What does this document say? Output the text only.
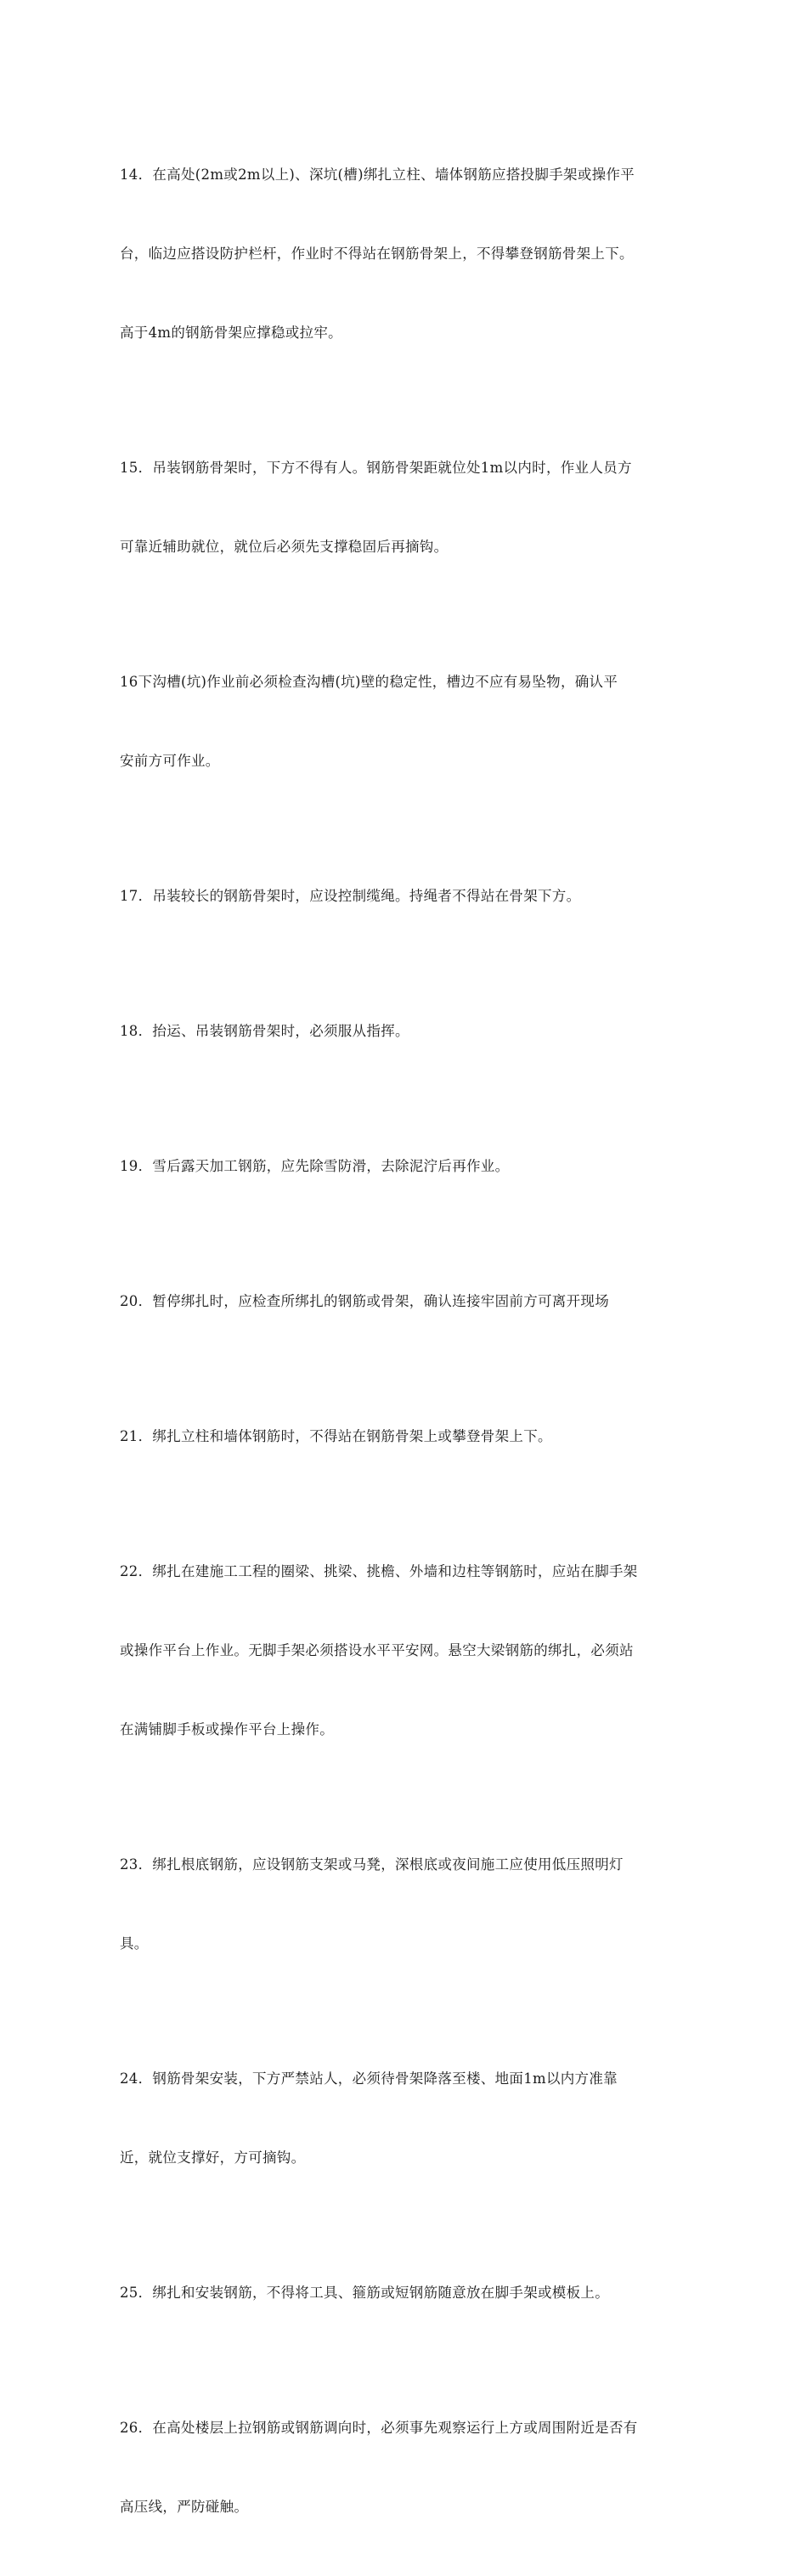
14．在高处(2m或2m以上)、深坑(槽)绑扎立柱、墙体钢筋应搭投脚手架或操作平

台，临边应搭设防护栏杆，作业时不得站在钢筋骨架上，不得攀登钢筋骨架上下。

高于4m的钢筋骨架应撑稳或拉牢。

15．吊装钢筋骨架时，下方不得有人。钢筋骨架距就位处1m以内时，作业人员方

可靠近辅助就位，就位后必须先支撑稳固后再摘钩。

16下沟槽(坑)作业前必须检查沟槽(坑)壁的稳定性，槽边不应有易坠物，确认平

安前方可作业。

17．吊装较长的钢筋骨架时，应设控制缆绳。持绳者不得站在骨架下方。

18．抬运、吊装钢筋骨架时，必须服从指挥。

19．雪后露天加工钢筋，应先除雪防滑，去除泥泞后再作业。

20．暂停绑扎时，应检查所绑扎的钢筋或骨架，确认连接牢固前方可离开现场

21．绑扎立柱和墙体钢筋时，不得站在钢筋骨架上或攀登骨架上下。

22．绑扎在建施工工程的圈梁、挑梁、挑檐、外墙和边柱等钢筋时，应站在脚手架

或操作平台上作业。无脚手架必须搭设水平平安网。悬空大梁钢筋的绑扎，必须站

在满铺脚手板或操作平台上操作。

23．绑扎根底钢筋，应设钢筋支架或马凳，深根底或夜间施工应使用低压照明灯

具。

24．钢筋骨架安装，下方严禁站人，必须待骨架降落至楼、地面1m以内方准靠

近，就位支撑好，方可摘钩。

25．绑扎和安装钢筋，不得将工具、箍筋或短钢筋随意放在脚手架或模板上。

26．在高处楼层上拉钢筋或钢筋调向时，必须事先观察运行上方或周围附近是否有

高压线，严防碰触。
